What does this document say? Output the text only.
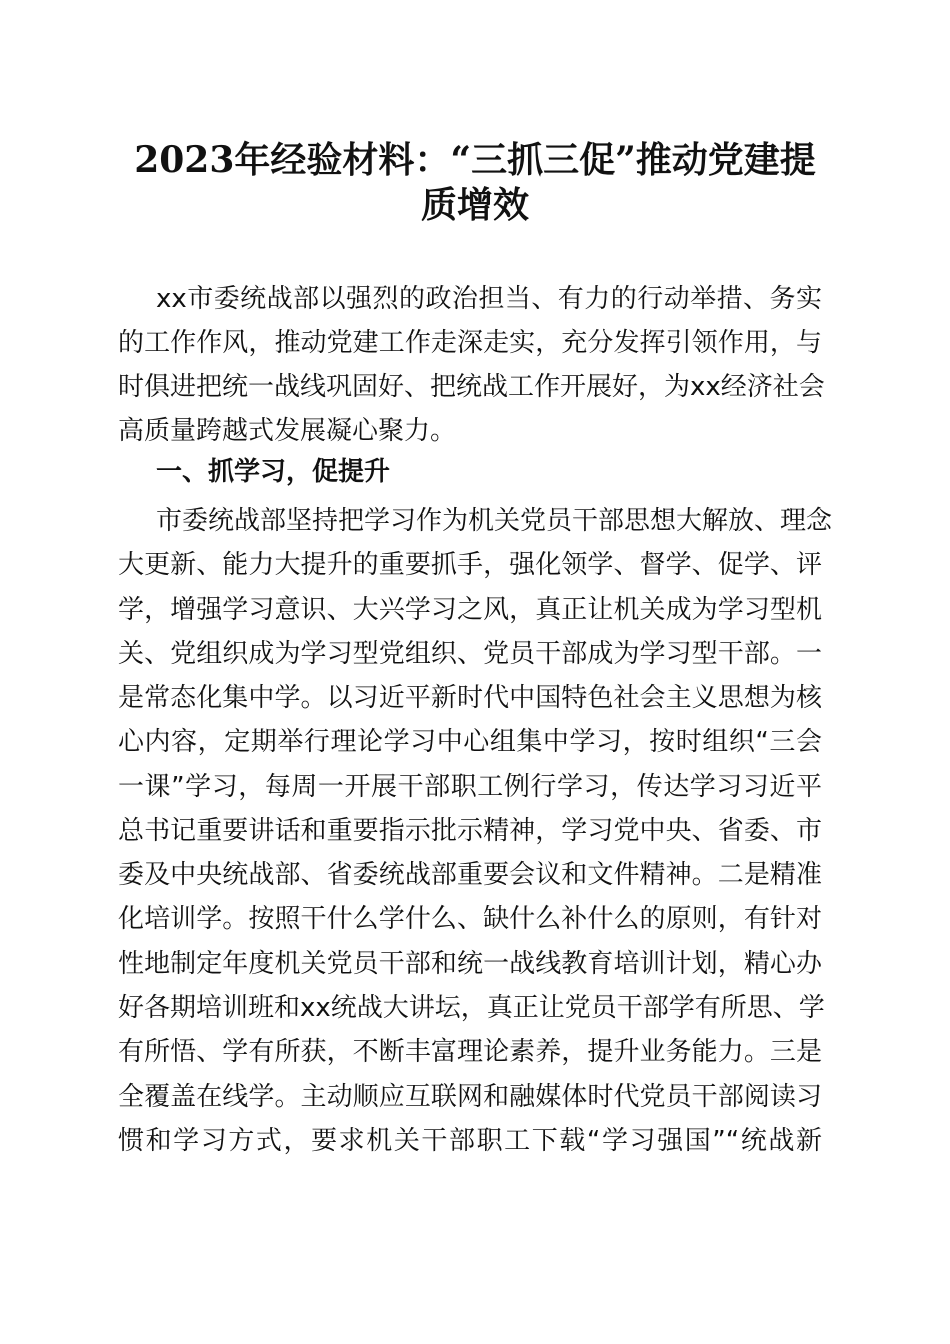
2023年经验材料：“三抓三促”推动党建提
质增效
xx市委统战部以强烈的政治担当、有力的行动举措、务实
的工作作风，推动党建工作走深走实，充分发挥引领作用，与
时俱进把统一战线巩固好、把统战工作开展好，为xx经济社会
高质量跨越式发展凝心聚力。
一、抓学习，促提升
市委统战部坚持把学习作为机关党员干部思想大解放、理念
大更新、能力大提升的重要抓手，强化领学、督学、促学、评
学，增强学习意识、大兴学习之风，真正让机关成为学习型机
关、党组织成为学习型党组织、党员干部成为学习型干部。一
是常态化集中学。以习近平新时代中国特色社会主义思想为核
心内容，定期举行理论学习中心组集中学习，按时组织“三会
一课”学习，每周一开展干部职工例行学习，传达学习习近平
总书记重要讲话和重要指示批示精神，学习党中央、省委、市
委及中央统战部、省委统战部重要会议和文件精神。二是精准
化培训学。按照干什么学什么、缺什么补什么的原则，有针对
性地制定年度机关党员干部和统一战线教育培训计划，精心办
好各期培训班和xx统战大讲坛，真正让党员干部学有所思、学
有所悟、学有所获，不断丰富理论素养，提升业务能力。三是
全覆盖在线学。主动顺应互联网和融媒体时代党员干部阅读习
惯和学习方式，要求机关干部职工下载“学习强国”“统战新
